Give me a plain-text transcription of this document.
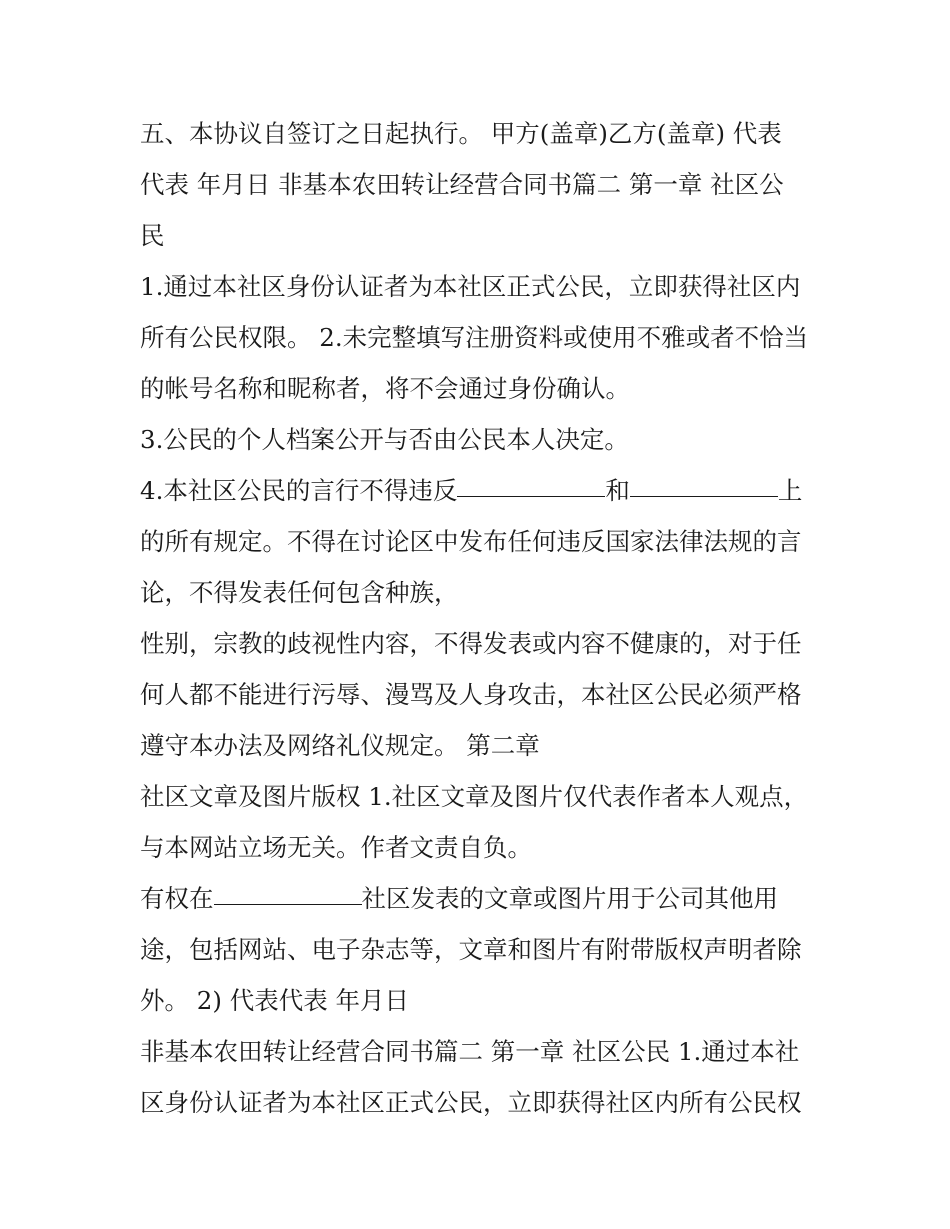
五、本协议自签订之日起执行。 甲方(盖章)乙方(盖章) 代表
代表 年月日 非基本农田转让经营合同书篇二 第一章 社区公
民
1.通过本社区身份认证者为本社区正式公民，立即获得社区内
所有公民权限。 2.未完整填写注册资料或使用不雅或者不恰当
的帐号名称和昵称者，将不会通过身份确认。
3.公民的个人档案公开与否由公民本人决定。
4.本社区公民的言行不得违反	和	上
的所有规定。不得在讨论区中发布任何违反国家法律法规的言
论，不得发表任何包含种族，
性别，宗教的歧视性内容，不得发表或内容不健康的，对于任
何人都不能进行污辱、漫骂及人身攻击，本社区公民必须严格
遵守本办法及网络礼仪规定。 第二章
社区文章及图片版权 1.社区文章及图片仅代表作者本人观点，
与本网站立场无关。作者文责自负。
有权在	社区发表的文章或图片用于公司其他用
途，包括网站、电子杂志等，文章和图片有附带版权声明者除
外。 2) 代表代表 年月日
非基本农田转让经营合同书篇二 第一章 社区公民 1.通过本社
区身份认证者为本社区正式公民，立即获得社区内所有公民权
